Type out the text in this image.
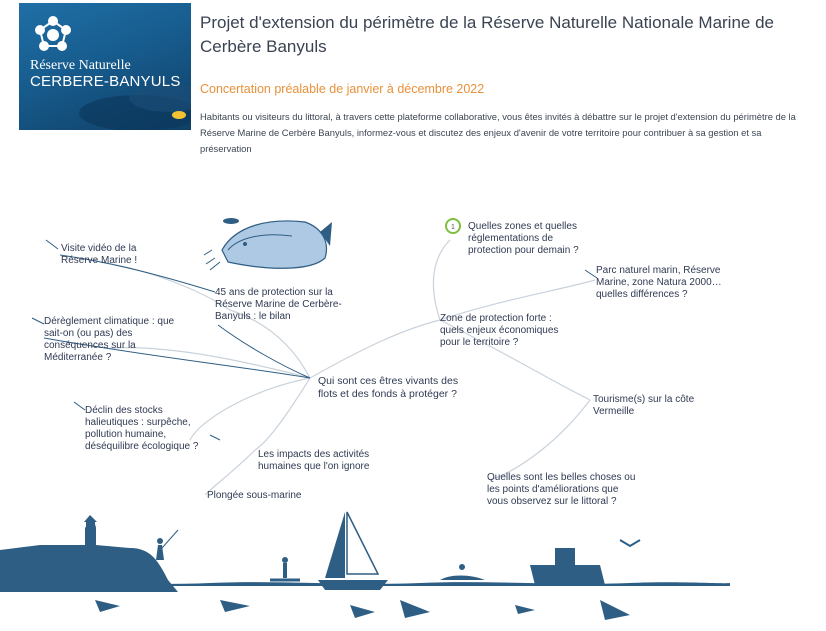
Réserve Naturelle
CERBERE-BANYULS
Projet d'extension du périmètre de la Réserve Naturelle Nationale Marine de Cerbère Banyuls
Concertation préalable de janvier à décembre 2022
Habitants ou visiteurs du littoral, à travers cette plateforme collaborative, vous êtes invités à débattre sur le projet d'extension du périmètre de la Réserve Marine de Cerbère Banyuls, informez-vous et discutez des enjeux d'avenir de votre territoire pour contribuer à sa gestion et sa préservation
1
Visite vidéo de la Réserve Marine !
45 ans de protection sur la Réserve Marine de Cerbère-Banyuls : le bilan
Dérèglement climatique : que sait-on (ou pas) des conséquences sur la Méditerranée ?
Qui sont ces êtres vivants des flots et des fonds à protéger ?
Déclin des stocks halieutiques : surpêche, pollution humaine, déséquilibre écologique ?
Les impacts des activités humaines que l'on ignore
Plongée sous-marine
Quelles zones et quelles réglementations de protection pour demain ?
Parc naturel marin, Réserve Marine, zone Natura 2000… quelles différences ?
Zone de protection forte : quels enjeux économiques pour le territoire ?
Tourisme(s) sur la côte Vermeille
Quelles sont les belles choses ou les points d'améliorations que vous observez sur le littoral ?
